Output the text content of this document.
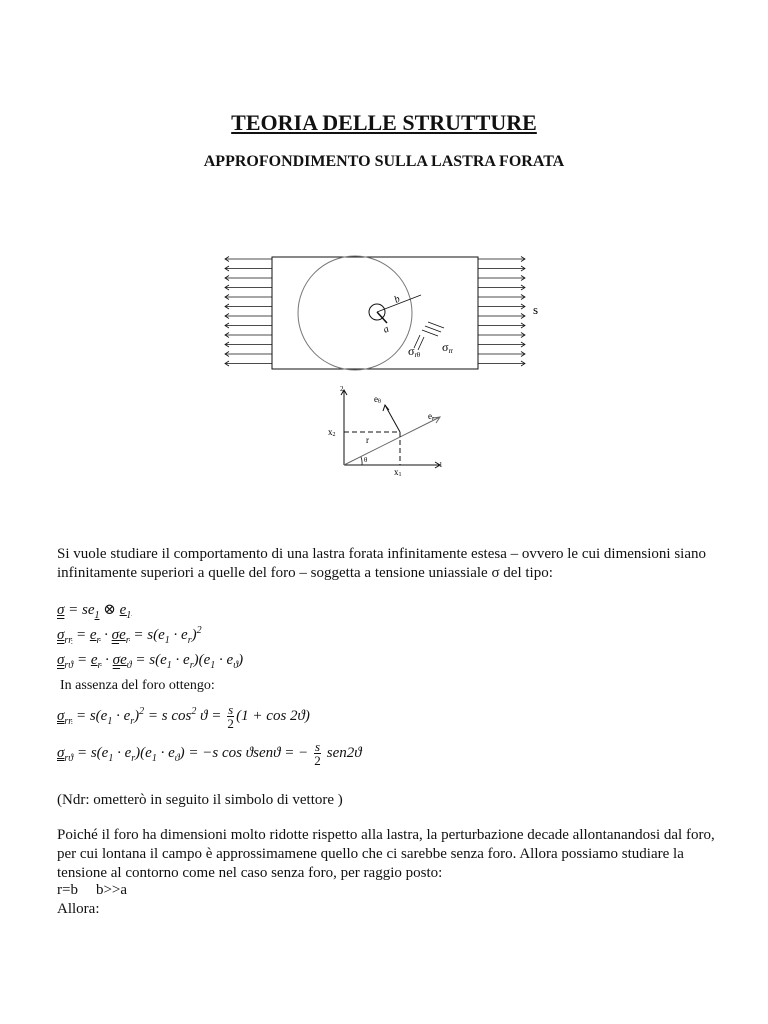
TEORIA DELLE STRUTTURE
APPROFONDIMENTO SULLA LASTRA FORATA
s
b
a
σrθ
σrr
2
1
eθ
er
x2
x1
r
θ
Si vuole studiare il comportamento di una lastra forata infinitamente estesa – ovvero le cui dimensioni siano infinitamente superiori a quelle del foro – soggetta a tensione uniassiale σ del tipo:
$\sigma = se_1$ ⊗ $e_1$
$\sigma_{rr} = e_r \cdot \sigma e_r = s(e_1 \cdot e_r)^2$
$\sigma_{rϑ} = e_r \cdot \sigma e_ϑ = s(e_1 \cdot e_r)(e_1 \cdot e_ϑ)$
In assenza del foro ottengo:
$\sigma_{rr} = s(e_1 \cdot e_r)^2 = s$ $\cos^2 ϑ = \frac{s}{2} (1 + \cos 2ϑ)$
$\sigma_{rϑ} = s(e_1 \cdot e_r)(e_1 \cdot e_ϑ) = -s$ cos ϑsenϑ = − $\frac{s}{2} sen2ϑ$
(Ndr: ometterò in seguito il simbolo di vettore )
Poiché il foro ha dimensioni molto ridotte rispetto alla lastra, la perturbazione decade allontanandosi dal foro, per cui lontana il campo è approssimamene quello che ci sarebbe senza foro. Allora possiamo studiare la tensione al contorno come nel caso senza foro, per raggio posto:
r=b b>>a
Allora:
